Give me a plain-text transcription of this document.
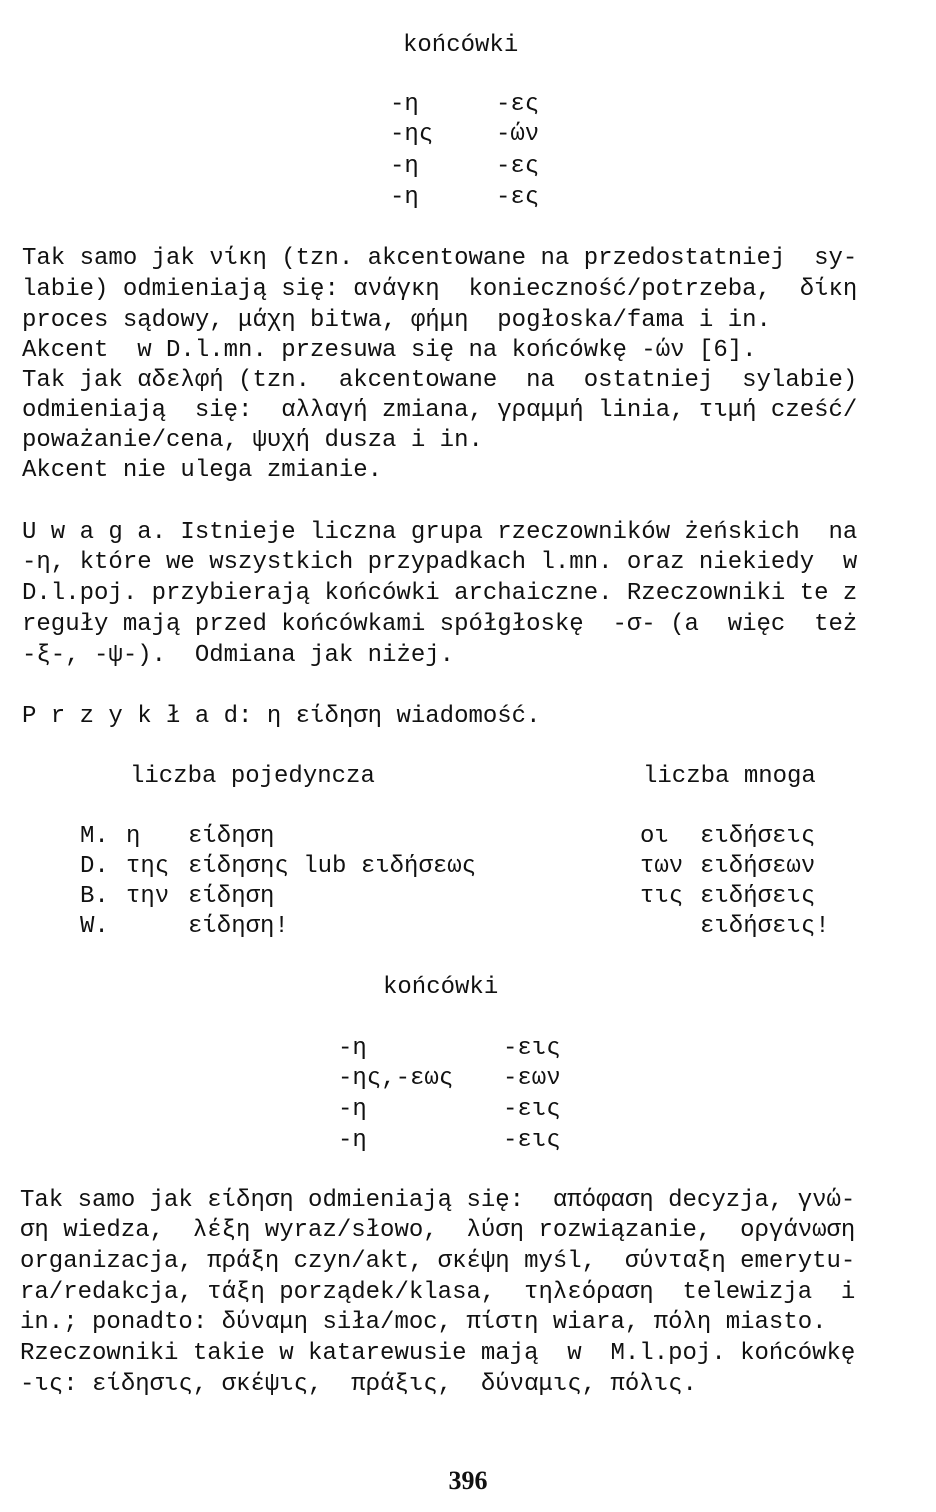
końcówki
-η	-ες
-ης	-ών
-η	-ες
-η	-ες
Tak samo jak νίκη (tzn. akcentowane na przedostatniej  sy-
labie) odmieniają się: ανάγκη  konieczność/potrzeba,  δίκη
proces sądowy, μάχη bitwa, φήμη  pogłoska/fama i in.
Akcent  w D.l.mn. przesuwa się na końcówkę -ών [6].
Tak jak αδελφή (tzn.  akcentowane  na  ostatniej  sylabie)
odmieniają  się:  αλλαγή zmiana, γραμμή linia, τιμή cześć/
poważanie/cena, ψυχή dusza i in.
Akcent nie ulega zmianie.
U w a g a. Istnieje liczna grupa rzeczowników żeńskich  na
-η, które we wszystkich przypadkach l.mn. oraz niekiedy  w
D.l.poj. przybierają końcówki archaiczne. Rzeczowniki te z
reguły mają przed końcówkami spółgłoskę  -σ- (a  więc  też
-ξ-, -ψ-).  Odmiana jak niżej.
P r z y k ł a d: η είδηση wiadomość.
liczba pojedyncza	liczba mnoga
M. η είδηση	οι ειδήσεις
D. της είδησης lub ειδήσεως	των ειδήσεων
B. την είδηση	τις ειδήσεις
W.	είδηση!	ειδήσεις!
końcówki
-η	-εις
-ης,-εως -εων
-η	-εις
-η	-εις
Tak samo jak είδηση odmieniają się:  απόφαση decyzja, γνώ-
ση wiedza,  λέξη wyraz/słowo,  λύση rozwiązanie,  οργάνωση
organizacja, πράξη czyn/akt, σκέψη myśl,  σύνταξη emerytu-
ra/redakcja, τάξη porządek/klasa,  τηλεόραση  telewizja  i
in.; ponadto: δύναμη siła/moc, πίστη wiara, πόλη miasto.
Rzeczowniki takie w katarewusie mają  w  M.l.poj. końcówkę
-ις: είδησις, σκέψις,  πράξις,  δύναμις, πόλις.
396
